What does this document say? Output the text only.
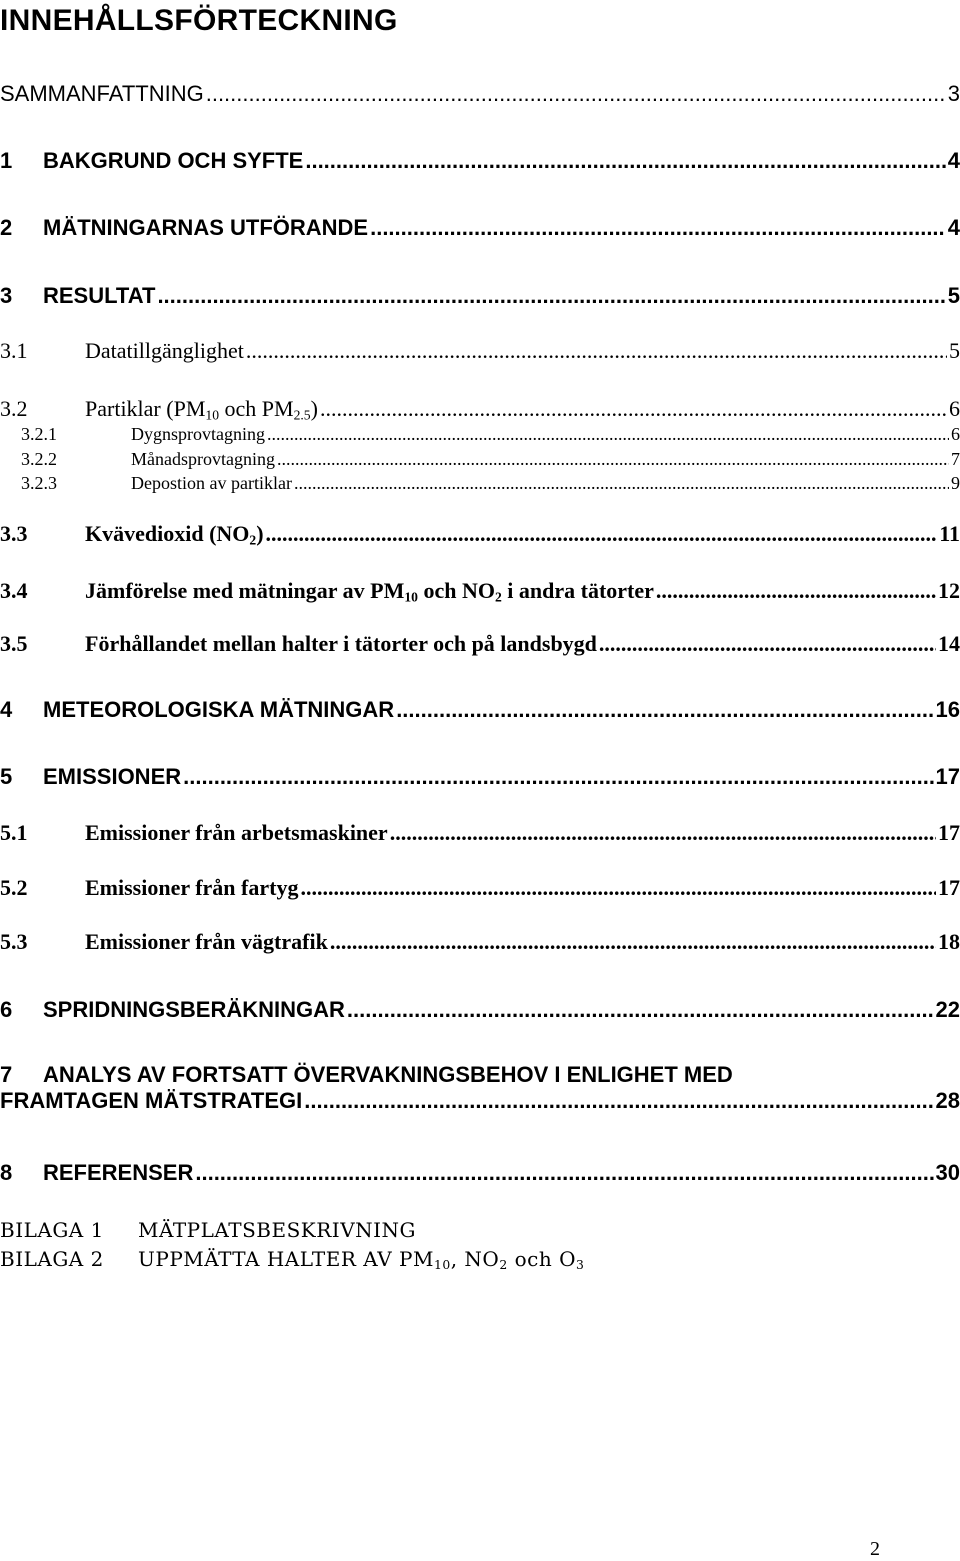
INNEHÅLLSFÖRTECKNING
SAMMANFATTNING .....	3
1	BAKGRUND OCH SYFTE .....	4
2	MÄTNINGARNAS UTFÖRANDE .....	4
3	RESULTAT .....	5
3.1	Datatillgänglighet .....	5
3.2	Partiklar ($PM_{10}$ och $PM_{2.5}$) .....	6
3.2.1	Dygnsprovtagning .....	6
3.2.2	Månadsprovtagning .....	7
3.2.3	Depostion av partiklar .....	9
3.3	Kvävedioxid $(NO_2)$ .....	11
3.4	Jämförelse med mätningar av $PM_{10}$ och $NO_2$ i andra tätorter .....	12
3.5	Förhållandet mellan halter i tätorter och på landsbygd .....	14
4	METEOROLOGISKA MÄTNINGAR .....	16
5	EMISSIONER .....	17
5.1	Emissioner från arbetsmaskiner .....	17
5.2	Emissioner från fartyg .....	17
5.3	Emissioner från vägtrafik .....	18
6	SPRIDNINGSBERÄKNINGAR .....	22
7	ANALYS AV FORTSATT ÖVERVAKNINGSBEHOV I ENLIGHET MED
FRAMTAGEN MÄTSTRATEGI .....	28
8	REFERENSER .....	30
BILAGA 1 MÄTPLATSBESKRIVNING
BILAGA 2 UPPMÄTTA HALTER AV $PM_{10}$, $NO_2$ och $O_3$
2
